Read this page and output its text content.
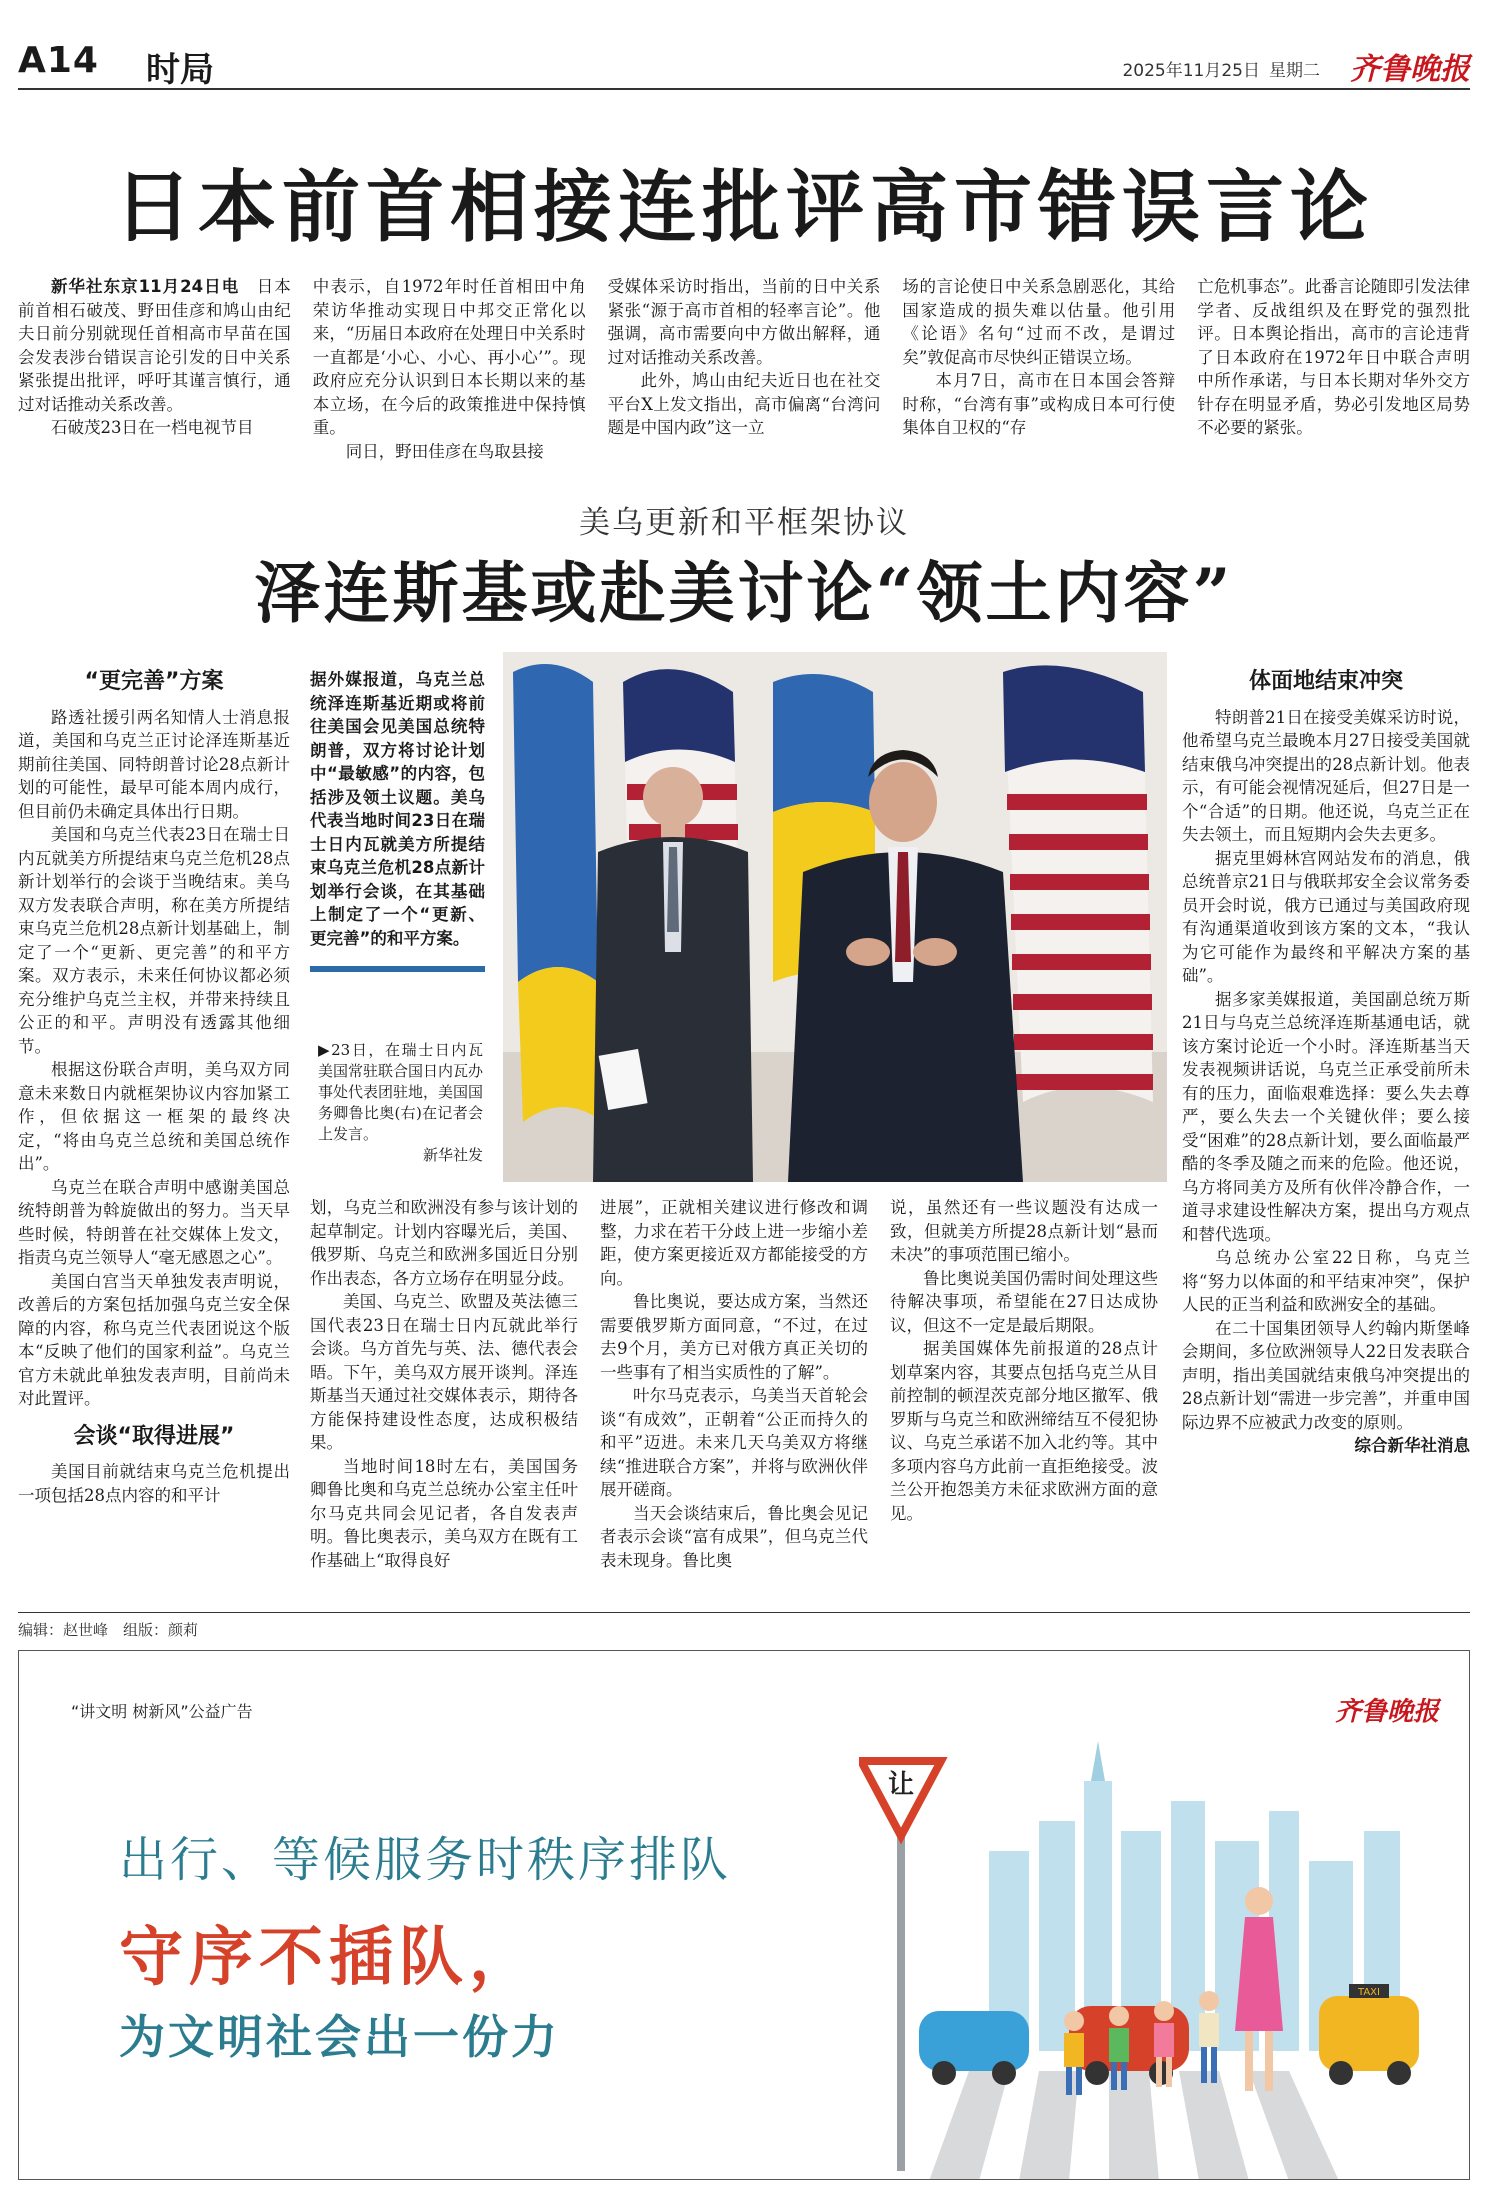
A14 时局	2025年11月25日 星期二 齐鲁晚报
日本前首相接连批评高市错误言论

新华社东京11月24日电　 日本前首相石破茂、野田佳彦和鸠山由纪夫日前分别就现任首相高市早苗在国会发表涉台错误言论引发的日中关系紧张提出批评，呼吁其谨言慎行，通过对话推动关系改善。

石破茂23日在一档电视节目

中表示，自1972年时任首相田中角荣访华推动实现日中邦交正常化以来，“历届日本政府在处理日中关系时一直都是‘小心、小心、再小心’”。现政府应充分认识到日本长期以来的基本立场，在今后的政策推进中保持慎重。

同日，野田佳彦在鸟取县接

受媒体采访时指出，当前的日中关系紧张“源于高市首相的轻率言论”。他强调，高市需要向中方做出解释，通过对话推动关系改善。

此外，鸠山由纪夫近日也在社交平台X上发文指出，高市偏离“台湾问题是中国内政”这一立

场的言论使日中关系急剧恶化，其给国家造成的损失难以估量。他引用《论语》名句“过而不改，是谓过矣”敦促高市尽快纠正错误立场。

本月7日，高市在日本国会答辩时称，“台湾有事”或构成日本可行使集体自卫权的“存

亡危机事态”。此番言论随即引发法律学者、反战组织及在野党的强烈批评。日本舆论指出，高市的言论违背了日本政府在1972年日中联合声明中所作承诺，与日本长期对华外交方针存在明显矛盾，势必引发地区局势不必要的紧张。
美乌更新和平框架协议
泽连斯基或赴美讨论“领土内容”
“更完善”方案

路透社援引两名知情人士消息报道，美国和乌克兰正讨论泽连斯基近期前往美国、同特朗普讨论28点新计划的可能性，最早可能本周内成行，但目前仍未确定具体出行日期。

美国和乌克兰代表23日在瑞士日内瓦就美方所提结束乌克兰危机28点新计划举行的会谈于当晚结束。美乌双方发表联合声明，称在美方所提结束乌克兰危机28点新计划基础上，制定了一个“更新、更完善”的和平方案。双方表示，未来任何协议都必须充分维护乌克兰主权，并带来持续且公正的和平。声明没有透露其他细节。

根据这份联合声明，美乌双方同意未来数日内就框架协议内容加紧工作，但依据这一框架的最终决定，“将由乌克兰总统和美国总统作出”。

乌克兰在联合声明中感谢美国总统特朗普为斡旋做出的努力。当天早些时候，特朗普在社交媒体上发文，指责乌克兰领导人“毫无感恩之心”。

美国白宫当天单独发表声明说，改善后的方案包括加强乌克兰安全保障的内容，称乌克兰代表团说这个版本“反映了他们的国家利益”。乌克兰官方未就此单独发表声明，目前尚未对此置评。

会谈“取得进展”

美国目前就结束乌克兰危机提出一项包括28点内容的和平计

据外媒报道，乌克兰总统泽连斯基近期或将前往美国会见美国总统特朗普，双方将讨论计划中“最敏感”的内容，包括涉及领土议题。美乌代表当地时间23日在瑞士日内瓦就美方所提结束乌克兰危机28点新计划举行会谈，在其基础上制定了一个“更新、更完善”的和平方案。
▶23日，在瑞士日内瓦美国常驻联合国日内瓦办事处代表团驻地，美国国务卿鲁比奥(右)在记者会上发言。
新华社发
划，乌克兰和欧洲没有参与该计划的起草制定。计划内容曝光后，美国、俄罗斯、乌克兰和欧洲多国近日分别作出表态，各方立场存在明显分歧。

美国、乌克兰、欧盟及英法德三国代表23日在瑞士日内瓦就此举行会谈。乌方首先与英、法、德代表会晤。下午，美乌双方展开谈判。泽连斯基当天通过社交媒体表示，期待各方能保持建设性态度，达成积极结果。

当地时间18时左右，美国国务卿鲁比奥和乌克兰总统办公室主任叶尔马克共同会见记者，各自发表声明。鲁比奥表示，美乌双方在既有工作基础上“取得良好

进展”，正就相关建议进行修改和调整，力求在若干分歧上进一步缩小差距，使方案更接近双方都能接受的方向。

鲁比奥说，要达成方案，当然还需要俄罗斯方面同意，“不过，在过去9个月，美方已对俄方真正关切的一些事有了相当实质性的了解”。

叶尔马克表示，乌美当天首轮会谈“有成效”，正朝着“公正而持久的和平”迈进。未来几天乌美双方将继续“推进联合方案”，并将与欧洲伙伴展开磋商。

当天会谈结束后，鲁比奥会见记者表示会谈“富有成果”，但乌克兰代表未现身。鲁比奥

说，虽然还有一些议题没有达成一致，但就美方所提28点新计划“悬而未决”的事项范围已缩小。

鲁比奥说美国仍需时间处理这些待解决事项，希望能在27日达成协议，但这不一定是最后期限。

据美国媒体先前报道的28点计划草案内容，其要点包括乌克兰从目前控制的顿涅茨克部分地区撤军、俄罗斯与乌克兰和欧洲缔结互不侵犯协议、乌克兰承诺不加入北约等。其中多项内容乌方此前一直拒绝接受。波兰公开抱怨美方未征求欧洲方面的意见。

体面地结束冲突

特朗普21日在接受美媒采访时说，他希望乌克兰最晚本月27日接受美国就结束俄乌冲突提出的28点新计划。他表示，有可能会视情况延后，但27日是一个“合适”的日期。他还说，乌克兰正在失去领土，而且短期内会失去更多。

据克里姆林宫网站发布的消息，俄总统普京21日与俄联邦安全会议常务委员开会时说，俄方已通过与美国政府现有沟通渠道收到该方案的文本，“我认为它可能作为最终和平解决方案的基础”。

据多家美媒报道，美国副总统万斯21日与乌克兰总统泽连斯基通电话，就该方案讨论近一个小时。泽连斯基当天发表视频讲话说，乌克兰正承受前所未有的压力，面临艰难选择：要么失去尊严，要么失去一个关键伙伴；要么接受“困难”的28点新计划，要么面临最严酷的冬季及随之而来的危险。他还说，乌方将同美方及所有伙伴冷静合作，一道寻求建设性解决方案，提出乌方观点和替代选项。

乌总统办公室22日称，乌克兰将“努力以体面的和平结束冲突”，保护人民的正当利益和欧洲安全的基础。

在二十国集团领导人约翰内斯堡峰会期间，多位欧洲领导人22日发表联合声明，指出美国就结束俄乌冲突提出的28点新计划“需进一步完善”，并重申国际边界不应被武力改变的原则。

综合新华社消息
编辑：赵世峰　组版：颜莉
“讲文明 树新风”公益广告	齐鲁晚报
出行、等候服务时秩序排队
守序不插队，
为文明社会出一份力
让
TAXI
